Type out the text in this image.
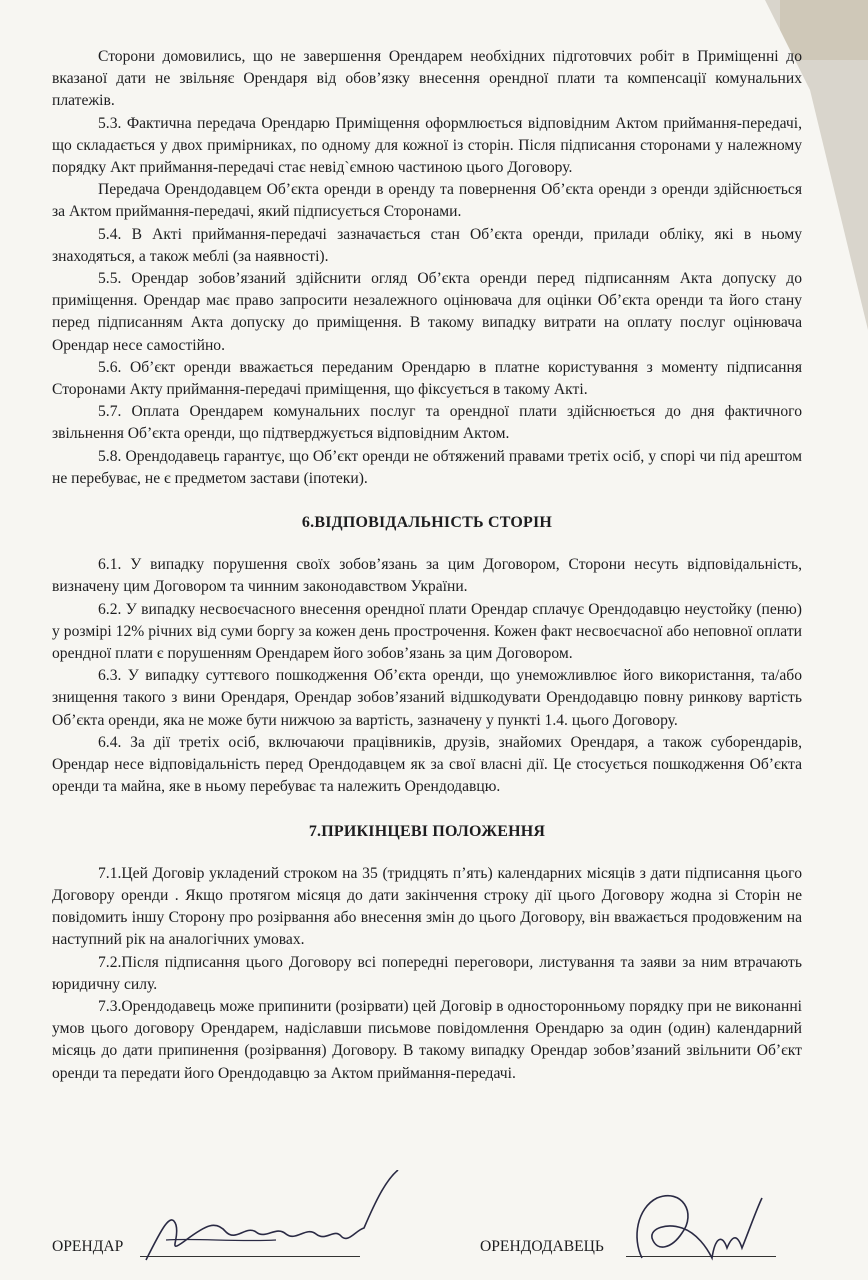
Сторони домовились, що не завершення Орендарем необхідних підготовчих робіт в Приміщенні до вказаної дати не звільняє Орендаря від обов’язку внесення орендної плати та компенсації комунальних платежів.

5.3. Фактична передача Орендарю Приміщення оформлюється відповідним Актом приймання-передачі, що складається у двох примірниках, по одному для кожної із сторін. Після підписання сторонами у належному порядку Акт приймання-передачі стає невід`ємною частиною цього Договору.

Передача Орендодавцем Об’єкта оренди в оренду та повернення Об’єкта оренди з оренди здійснюється за Актом приймання-передачі, який підписується Сторонами.

5.4. В Акті приймання-передачі зазначається стан Об’єкта оренди, прилади обліку, які в ньому знаходяться, а також меблі (за наявності).

5.5. Орендар зобов’язаний здійснити огляд Об’єкта оренди перед підписанням Акта допуску до приміщення. Орендар має право запросити незалежного оцінювача для оцінки Об’єкта оренди та його стану перед підписанням Акта допуску до приміщення. В такому випадку витрати на оплату послуг оцінювача Орендар несе самостійно.

5.6. Об’єкт оренди вважається переданим Орендарю в платне користування з моменту підписання Сторонами Акту приймання-передачі приміщення, що фіксується в такому Акті.

5.7. Оплата Орендарем комунальних послуг та орендної плати здійснюється до дня фактичного звільнення Об’єкта оренди, що підтверджується відповідним Актом.

5.8. Орендодавець гарантує, що Об’єкт оренди не обтяжений правами третіх осіб, у спорі чи під арештом не перебуває, не є предметом застави (іпотеки).

6.ВІДПОВІДАЛЬНІСТЬ СТОРІН

6.1. У випадку порушення своїх зобов’язань за цим Договором, Сторони несуть відповідальність, визначену цим Договором та чинним законодавством України.

6.2. У випадку несвоєчасного внесення орендної плати Орендар сплачує Орендодавцю неустойку (пеню) у розмірі 12% річних від суми боргу за кожен день прострочення. Кожен факт несвоєчасної або неповної оплати орендної плати є порушенням Орендарем його зобов’язань за цим Договором.

6.3. У випадку суттєвого пошкодження Об’єкта оренди, що унеможливлює його використання, та/або знищення такого з вини Орендаря, Орендар зобов’язаний відшкодувати Орендодавцю повну ринкову вартість Об’єкта оренди, яка не може бути нижчою за вартість, зазначену у пункті 1.4. цього Договору.

6.4. За дії третіх осіб, включаючи працівників, друзів, знайомих Орендаря, а також суборендарів, Орендар несе відповідальність перед Орендодавцем як за свої власні дії. Це стосується пошкодження Об’єкта оренди та майна, яке в ньому перебуває та належить Орендодавцю.

7.ПРИКІНЦЕВІ ПОЛОЖЕННЯ

7.1.Цей Договір укладений строком на 35 (тридцять п’ять) календарних місяців з дати підписання цього Договору оренди . Якщо протягом місяця до дати закінчення строку дії цього Договору жодна зі Сторін не повідомить іншу Сторону про розірвання або внесення змін до цього Договору, він вважається продовженим на наступний рік на аналогічних умовах.

7.2.Після підписання цього Договору всі попередні переговори, листування та заяви за ним втрачають юридичну силу.

7.3.Орендодавець може припинити (розірвати) цей Договір в односторонньому порядку при не виконанні умов цього договору Орендарем, надіславши письмове повідомлення Орендарю за один (один) календарний місяць до дати припинення (розірвання) Договору. В такому випадку Орендар зобов’язаний звільнити Об’єкт оренди та передати його Орендодавцю за Актом приймання-передачі.

ОРЕНДАР	ОРЕНДОДАВЕЦЬ
